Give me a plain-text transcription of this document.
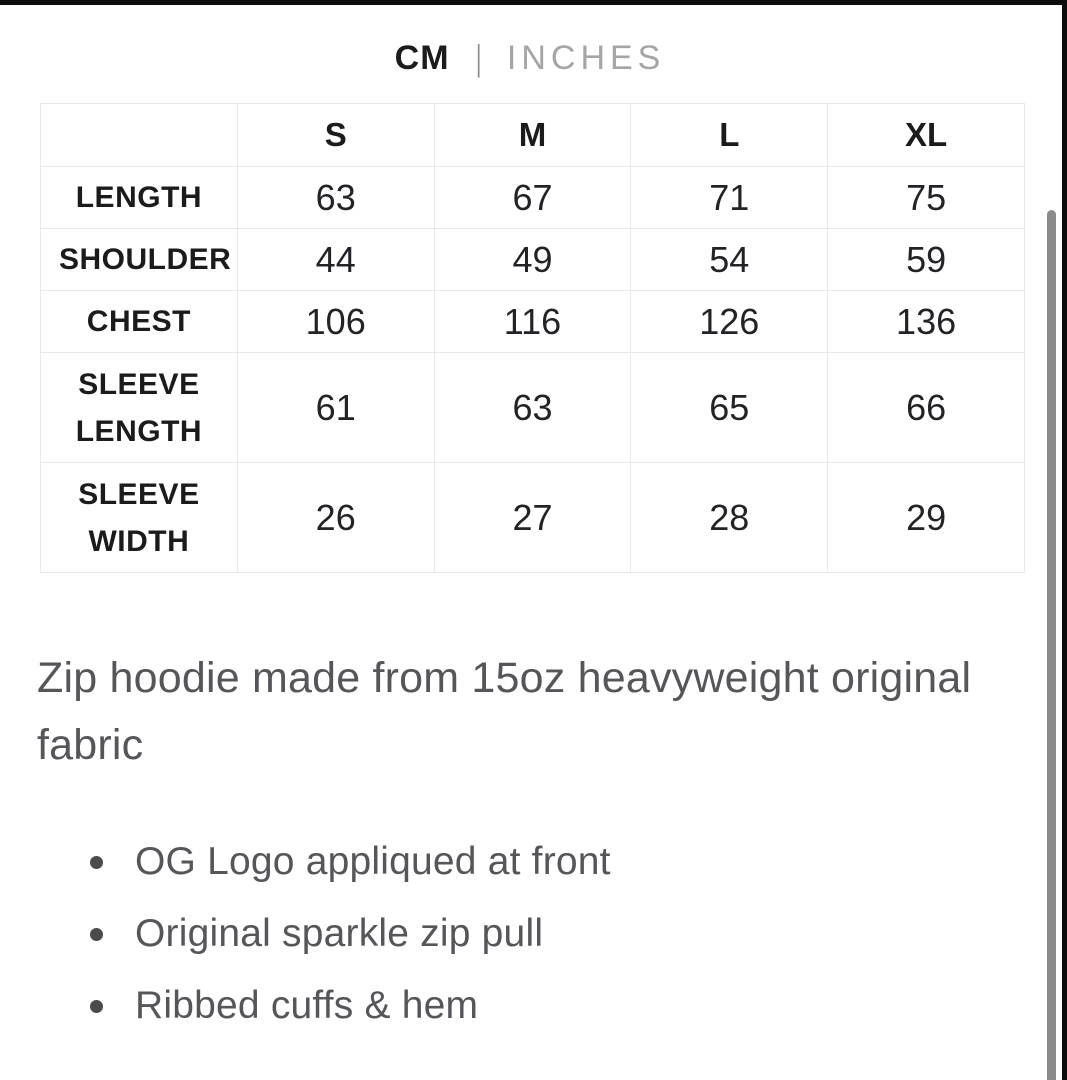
CM | INCHES
	S	M	L	XL
LENGTH	63	67	71	75
SHOULDER	44	49	54	59
CHEST	106	116	126	136
SLEEVE LENGTH	61	63	65	66
SLEEVE WIDTH	26	27	28	29

Zip hoodie made from 15oz heavyweight original fabric

OG Logo appliqued at front
Original sparkle zip pull
Ribbed cuffs & hem
